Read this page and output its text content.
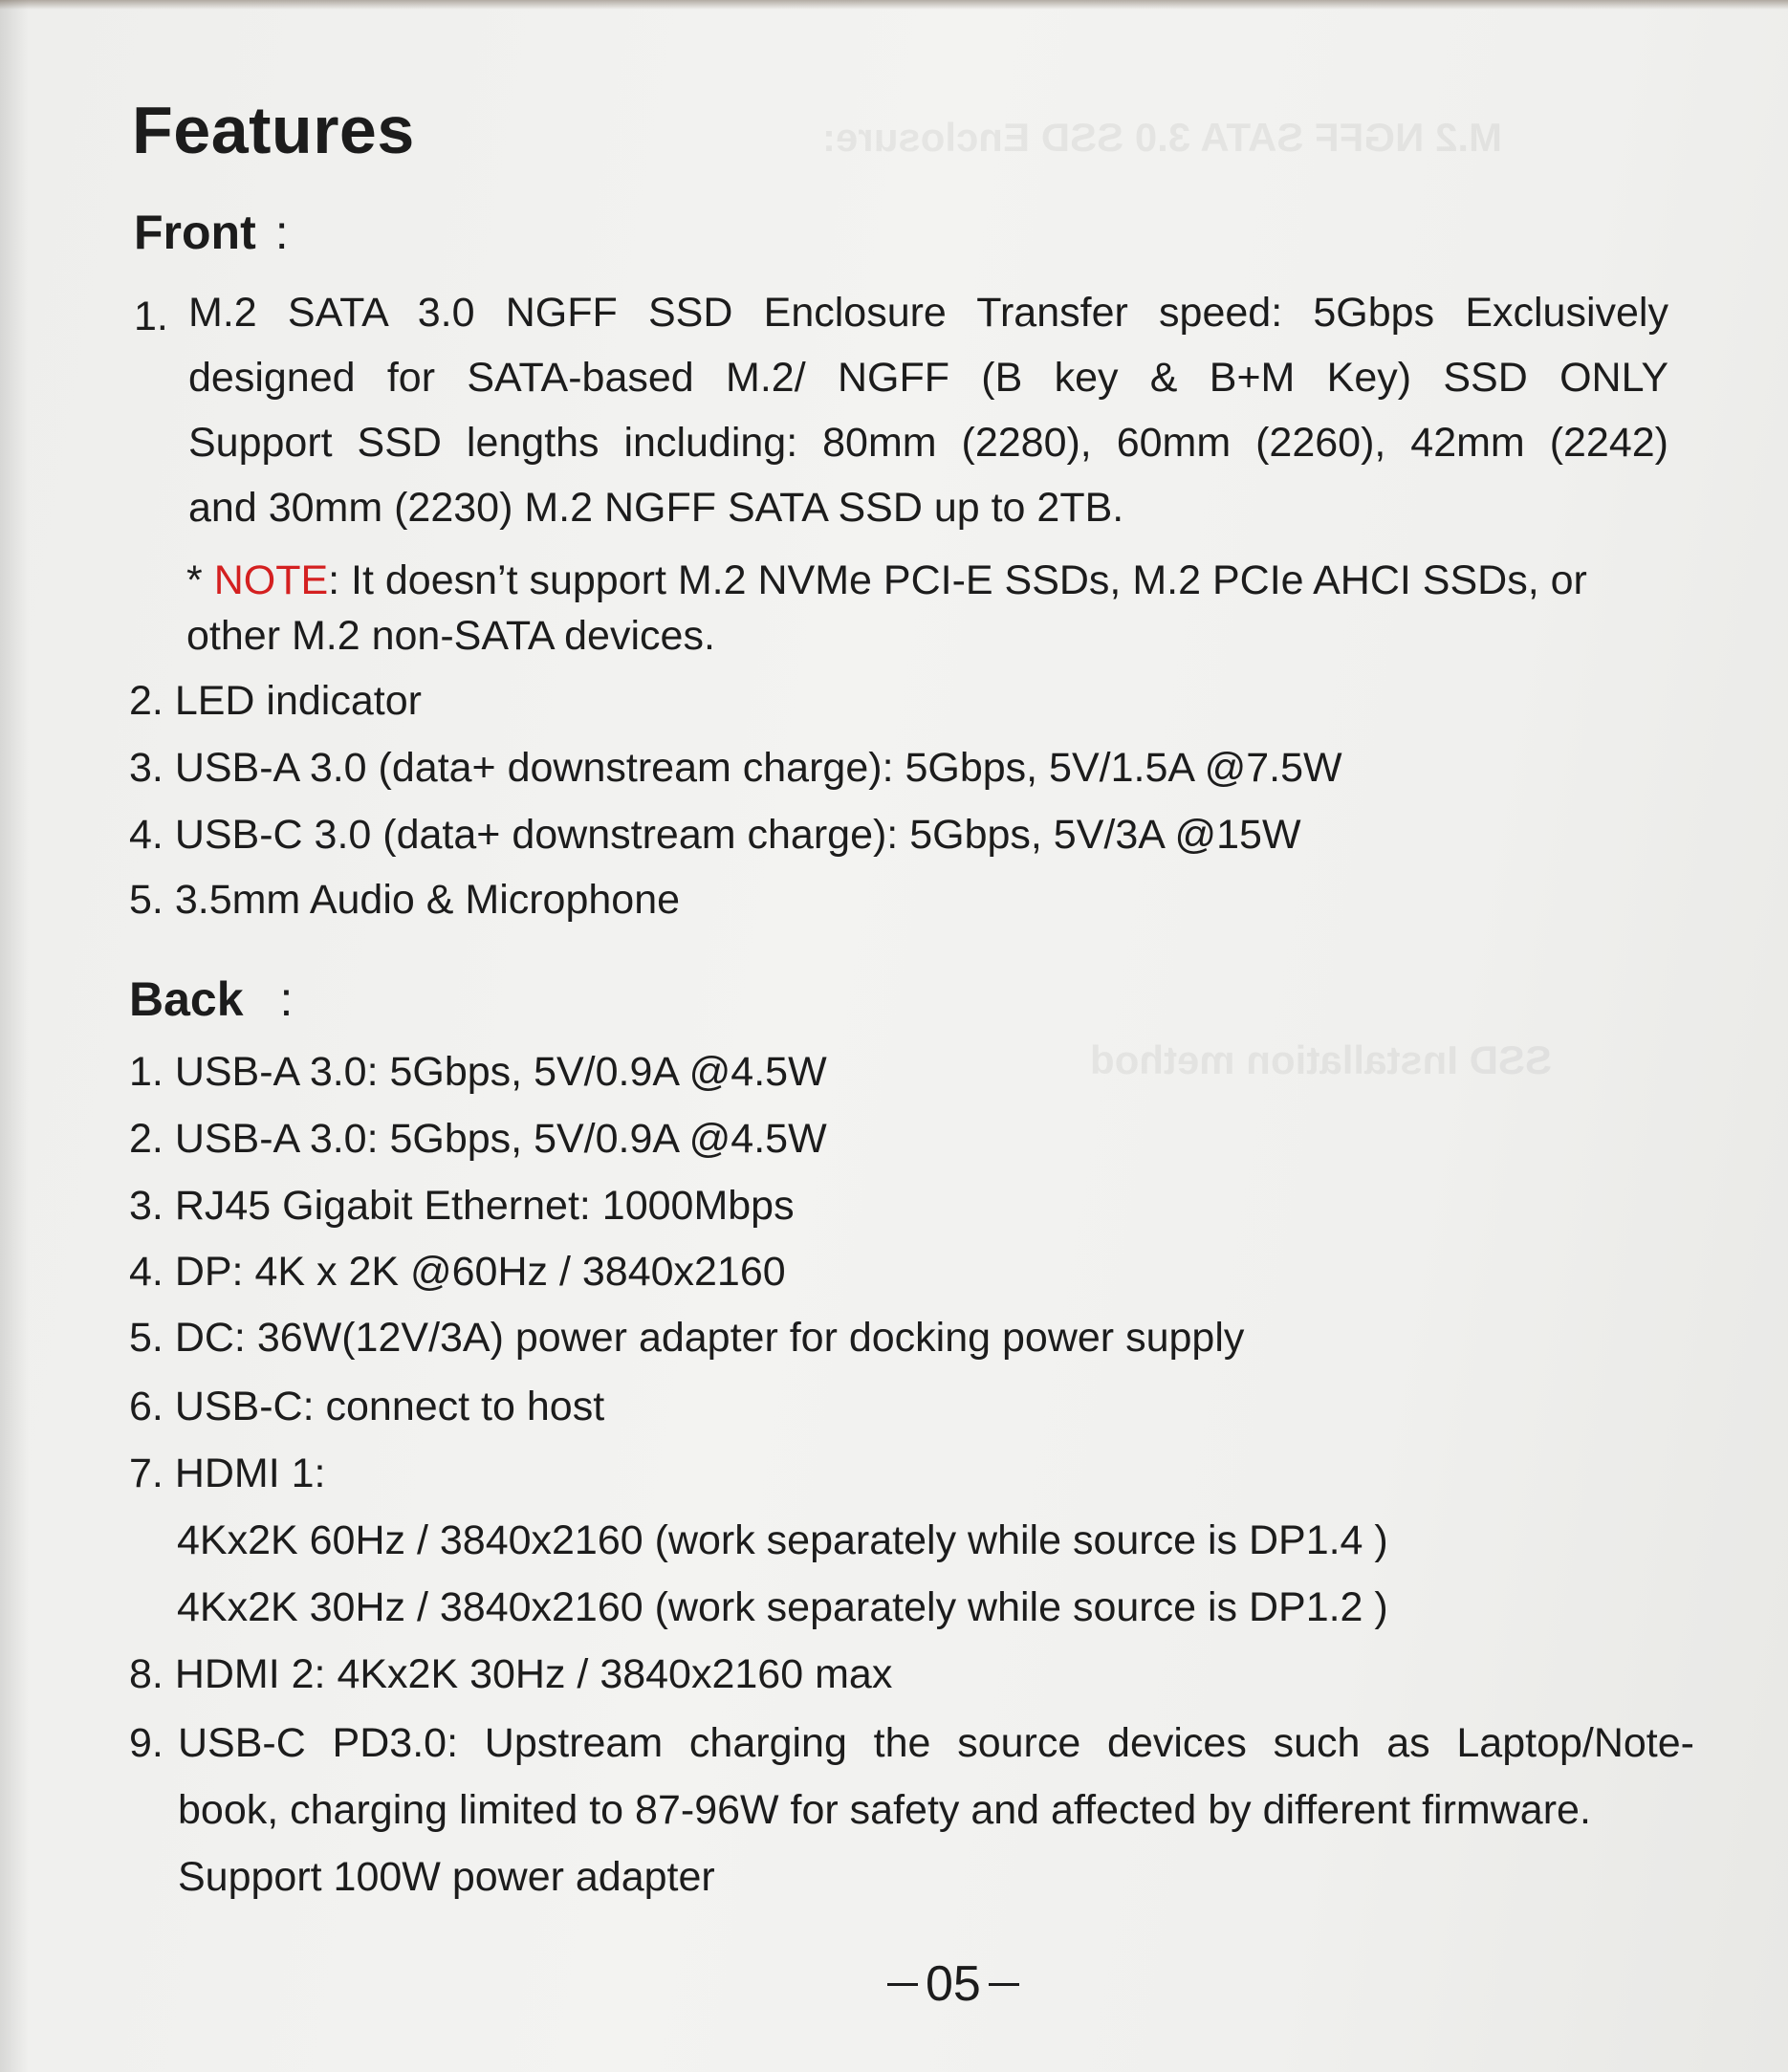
M.2 NGFF SATA 3.0 SSD Enclosure:
SSD Installation method
Features
Front :
1. M.2 SATA 3.0 NGFF SSD Enclosure Transfer speed: 5Gbps Exclusively
designed for SATA-based M.2/ NGFF (B key & B+M Key) SSD ONLY
Support SSD lengths including: 80mm (2280), 60mm (2260), 42mm (2242)
and 30mm (2230) M.2 NGFF SATA SSD up to 2TB.
* NOTE: It doesn’t support M.2 NVMe PCI-E SSDs, M.2 PCIe AHCI SSDs, or
other M.2 non-SATA devices.
2. LED indicator
3. USB-A 3.0 (data+ downstream charge): 5Gbps, 5V/1.5A @7.5W
4. USB-C 3.0 (data+ downstream charge): 5Gbps, 5V/3A @15W
5. 3.5mm Audio & Microphone
Back :
1. USB-A 3.0: 5Gbps, 5V/0.9A @4.5W
2. USB-A 3.0: 5Gbps, 5V/0.9A @4.5W
3. RJ45 Gigabit Ethernet: 1000Mbps
4. DP: 4K x 2K @60Hz / 3840x2160
5. DC: 36W(12V/3A) power adapter for docking power supply
6. USB-C: connect to host
7. HDMI 1:
4Kx2K 60Hz / 3840x2160 (work separately while source is DP1.4 )
4Kx2K 30Hz / 3840x2160 (work separately while source is DP1.2 )
8. HDMI 2: 4Kx2K 30Hz / 3840x2160 max
9. USB-C PD3.0: Upstream charging the source devices such as Laptop/Note-
book, charging limited to 87-96W for safety and affected by different firmware.
Support 100W power adapter
05
